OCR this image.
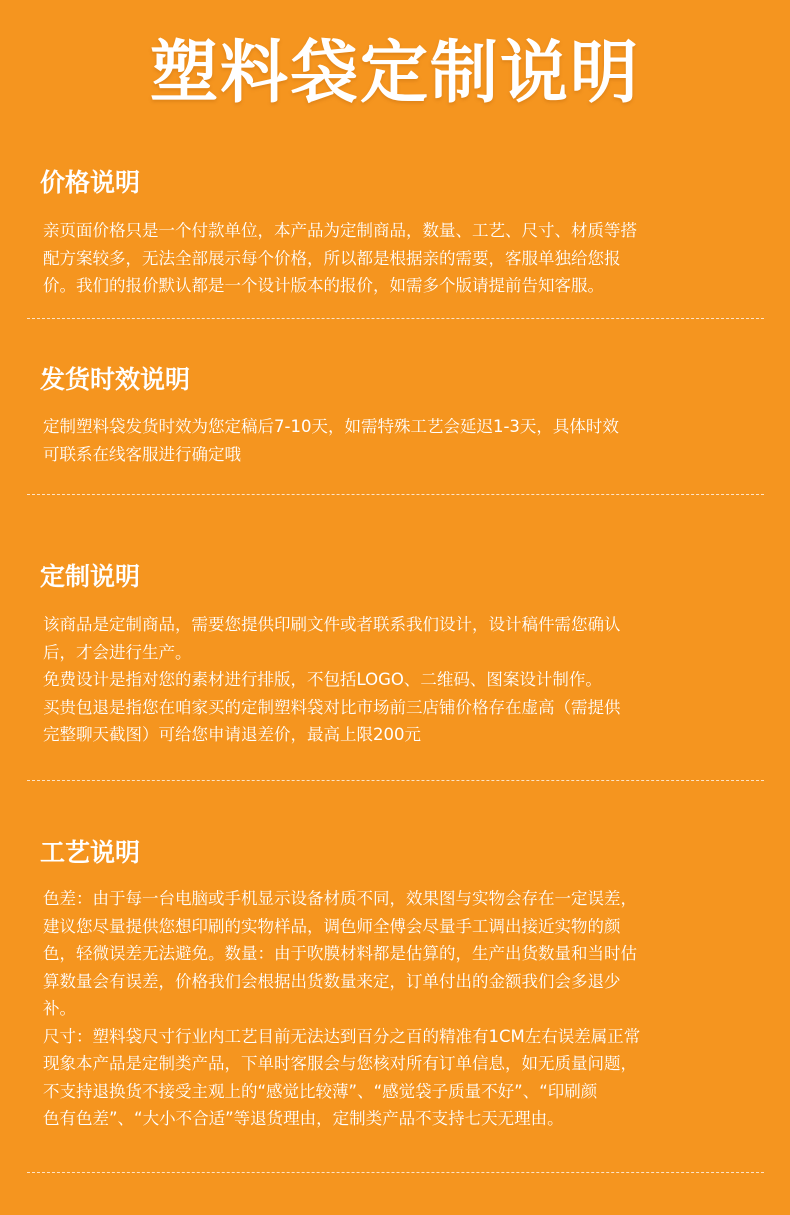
塑料袋定制说明
价格说明

亲页面价格只是一个付款单位，本产品为定制商品，数量、工艺、尺寸、材质等搭

配方案较多，无法全部展示每个价格，所以都是根据亲的需要，客服单独给您报

价。我们的报价默认都是一个设计版本的报价，如需多个版请提前告知客服。

发货时效说明

定制塑料袋发货时效为您定稿后7-10天，如需特殊工艺会延迟1-3天，具体时效

可联系在线客服进行确定哦

定制说明

该商品是定制商品，需要您提供印刷文件或者联系我们设计，设计稿件需您确认

后，才会进行生产。

免费设计是指对您的素材进行排版，不包括LOGO、二维码、图案设计制作。

买贵包退是指您在咱家买的定制塑料袋对比市场前三店铺价格存在虚高（需提供

完整聊天截图）可给您申请退差价，最高上限200元

工艺说明

色差：由于每一台电脑或手机显示设备材质不同，效果图与实物会存在一定误差，

建议您尽量提供您想印刷的实物样品，调色师全傅会尽量手工调出接近实物的颜

色，轻微误差无法避免。数量：由于吹膜材料都是估算的，生产出货数量和当时估

算数量会有误差，价格我们会根据出货数量来定，订单付出的金额我们会多退少

补。

尺寸：塑料袋尺寸行业内工艺目前无法达到百分之百的精准有1CM左右误差属正常

现象本产品是定制类产品，下单时客服会与您核对所有订单信息，如无质量问题，

不支持退换货不接受主观上的“感觉比较薄”、“感觉袋子质量不好”、“印刷颜

色有色差”、“大小不合适”等退货理由，定制类产品不支持七天无理由。
